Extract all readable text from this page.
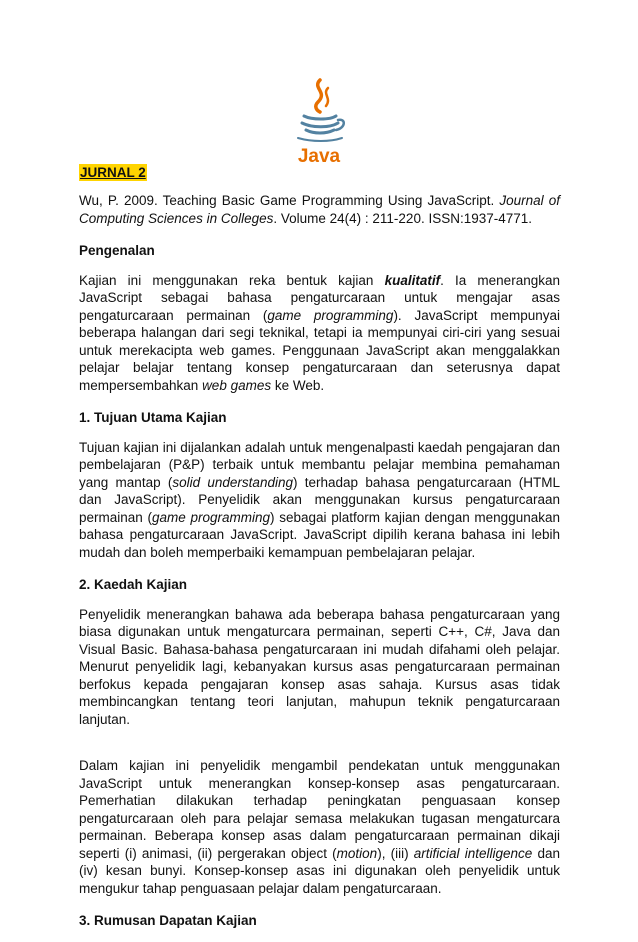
Java
JURNAL 2

Wu, P. 2009. Teaching Basic Game Programming Using JavaScript. Journal of Computing Sciences in Colleges. Volume 24(4) : 211-220. ISSN:1937-4771.

Pengenalan

Kajian ini menggunakan reka bentuk kajian kualitatif. Ia menerangkan JavaScript sebagai bahasa pengaturcaraan untuk mengajar asas pengaturcaraan permainan (game programming). JavaScript mempunyai beberapa halangan dari segi teknikal, tetapi ia mempunyai ciri-ciri yang sesuai untuk merekacipta web games. Penggunaan JavaScript akan menggalakkan pelajar belajar tentang konsep pengaturcaraan dan seterusnya dapat mempersembahkan web games ke Web.

1. Tujuan Utama Kajian

Tujuan kajian ini dijalankan adalah untuk mengenalpasti kaedah pengajaran dan pembelajaran (P&P) terbaik untuk membantu pelajar membina pemahaman yang mantap (solid understanding) terhadap bahasa pengaturcaraan (HTML dan JavaScript). Penyelidik akan menggunakan kursus pengaturcaraan permainan (game programming) sebagai platform kajian dengan menggunakan bahasa pengaturcaraan JavaScript. JavaScript dipilih kerana bahasa ini lebih mudah dan boleh memperbaiki kemampuan pembelajaran pelajar.

2. Kaedah Kajian

Penyelidik menerangkan bahawa ada beberapa bahasa pengaturcaraan yang biasa digunakan untuk mengaturcara permainan, seperti C++, C#, Java dan Visual Basic. Bahasa-bahasa pengaturcaraan ini mudah difahami oleh pelajar. Menurut penyelidik lagi, kebanyakan kursus asas pengaturcaraan permainan berfokus kepada pengajaran konsep asas sahaja. Kursus asas tidak membincangkan tentang teori lanjutan, mahupun teknik pengaturcaraan lanjutan.

Dalam kajian ini penyelidik mengambil pendekatan untuk menggunakan JavaScript untuk menerangkan konsep-konsep asas pengaturcaraan. Pemerhatian dilakukan terhadap peningkatan penguasaan konsep pengaturcaraan oleh para pelajar semasa melakukan tugasan mengaturcara permainan. Beberapa konsep asas dalam pengaturcaraan permainan dikaji seperti (i) animasi, (ii) pergerakan object (motion), (iii) artificial intelligence dan (iv) kesan bunyi. Konsep-konsep asas ini digunakan oleh penyelidik untuk mengukur tahap penguasaan pelajar dalam pengaturcaraan.

3. Rumusan Dapatan Kajian
